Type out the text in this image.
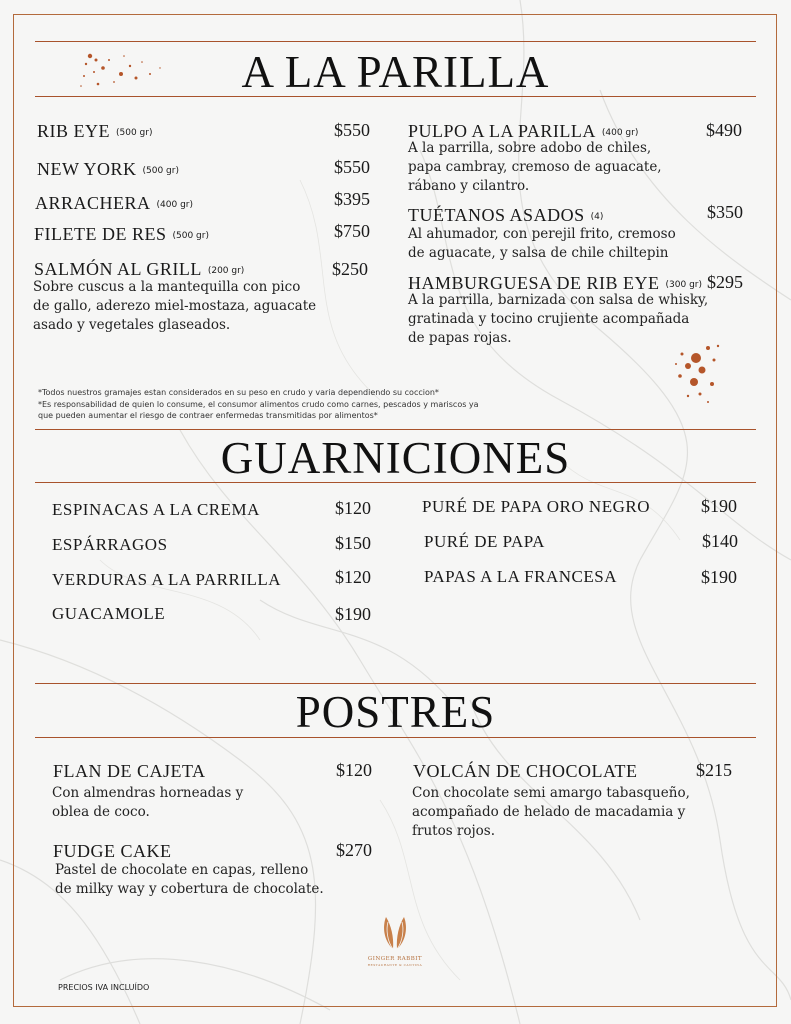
A LA PARILLA
RIB EYE (500 gr)	$550
NEW YORK (500 gr)	$550
ARRACHERA (400 gr)	$395
FILETE DE RES (500 gr)	$750
SALMÓN AL GRILL (200 gr)	$250
Sobre cuscus a la mantequilla con pico
de gallo, aderezo miel-mostaza, aguacate
asado y vegetales glaseados.
PULPO A LA PARILLA (400 gr)	$490
A la parrilla, sobre adobo de chiles,
papa cambray, cremoso de aguacate,
rábano y cilantro.
TUÉTANOS ASADOS (4)	$350
Al ahumador, con perejil frito, cremoso
de aguacate, y salsa de chile chiltepin
HAMBURGUESA DE RIB EYE (300 gr) $295
A la parrilla, barnizada con salsa de whisky,
gratinada y tocino crujiente acompañada
de papas rojas.
*Todos nuestros gramajes estan considerados en su peso en crudo y varia dependiendo su coccion*
*Es responsabilidad de quien lo consume, el consumor alimentos crudo como carnes, pescados y mariscos ya
que pueden aumentar el riesgo de contraer enfermedas transmitidas por alimentos*
GUARNICIONES
ESPINACAS A LA CREMA	$120
ESPÁRRAGOS	$150
VERDURAS A LA PARRILLA	$120
GUACAMOLE	$190
PURÉ DE PAPA ORO NEGRO	$190
PURÉ DE PAPA	$140
PAPAS A LA FRANCESA	$190
POSTRES
FLAN DE CAJETA	$120
Con almendras horneadas y
oblea de coco.
FUDGE CAKE	$270
Pastel de chocolate en capas, relleno
de milky way y cobertura de chocolate.
VOLCÁN DE CHOCOLATE	$215
Con chocolate semi amargo tabasqueño,
acompañado de helado de macadamia y
frutos rojos.
GINGER RABBIT
RESTAURANTE & CANTINA
PRECIOS IVA INCLUÍDO
